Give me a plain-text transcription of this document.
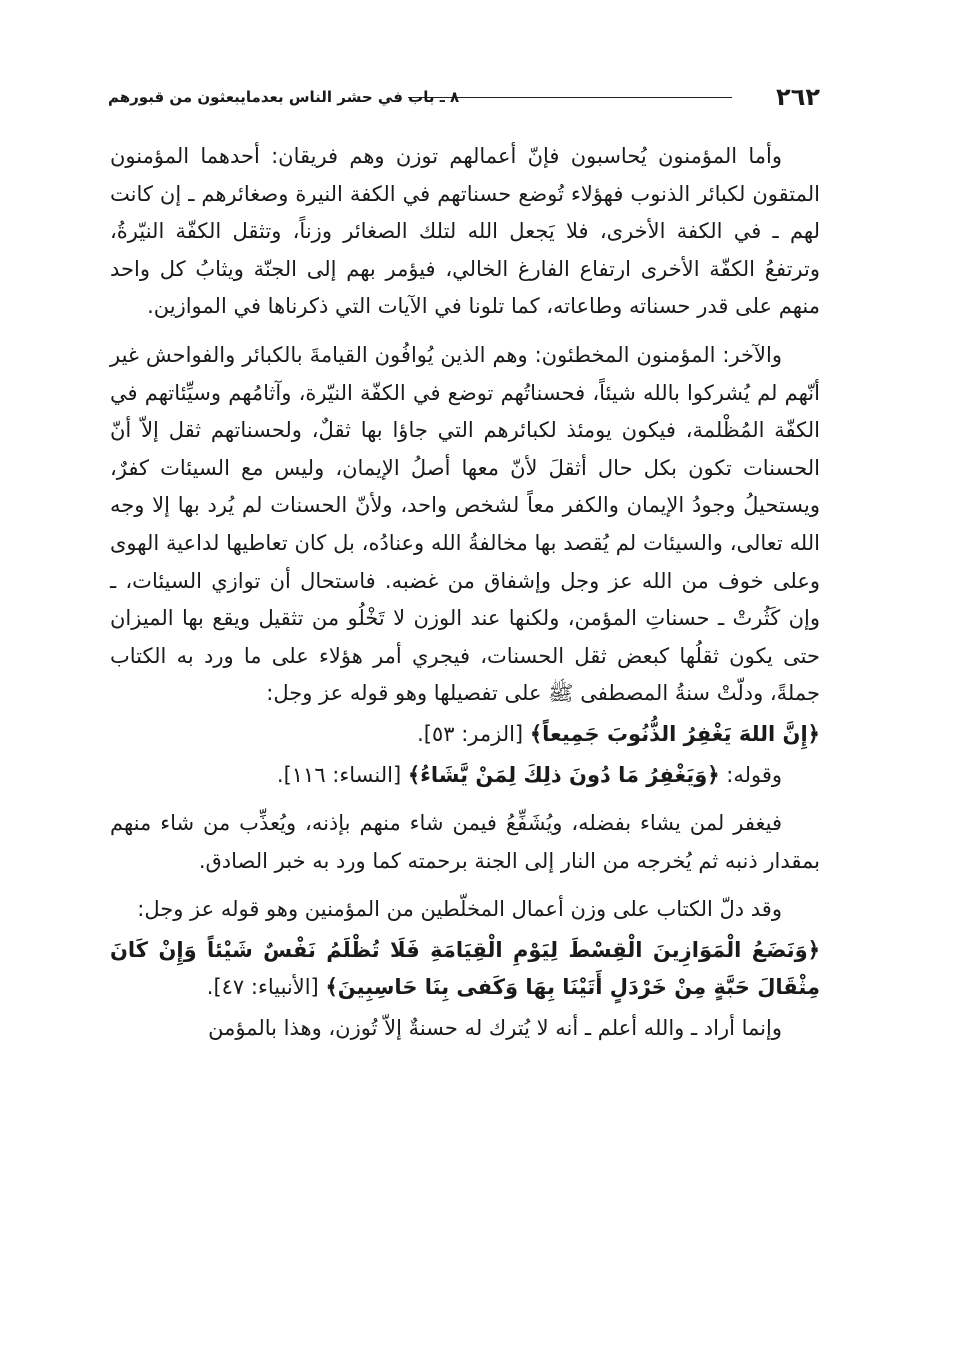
٢٦٢
٨ ـ باب في حشر الناس بعدمايبعثون من قبورهم

وأما المؤمنون يُحاسبون فإنّ أعمالهم توزن وهم فريقان: أحدهما المؤمنون المتقون لكبائر الذنوب فهؤلاء تُوضع حسناتهم في الكفة النيرة وصغائرهم ـ إن كانت لهم ـ في الكفة الأخرى، فلا يَجعل الله لتلك الصغائر وزناً، وتثقل الكفّة النيّرةُ، وترتفعُ الكفّة الأخرى ارتفاع الفارغ الخالي، فيؤمر بهم إلى الجنّة ويثابُ كل واحد منهم على قدر حسناته وطاعاته، كما تلونا في الآيات التي ذكرناها في الموازين.

والآخر: المؤمنون المخطئون: وهم الذين يُوافُون القيامةَ بالكبائر والفواحش غير أنّهم لم يُشركوا بالله شيئاً، فحسناتُهم توضع في الكفّة النيّرة، وآثامُهم وسيِّئاتهم في الكفّة المُظْلمة، فيكون يومئذ لكبائرهم التي جاؤا بها ثقلٌ، ولحسناتهم ثقل إلاّ أنّ الحسنات تكون بكل حال أثقلَ لأنّ معها أصلُ الإيمان، وليس مع السيئات كفرٌ، ويستحيلُ وجودُ الإيمان والكفر معاً لشخص واحد، ولأنّ الحسنات لم يُرد بها إلا وجه الله تعالى، والسيئات لم يُقصد بها مخالفةُ الله وعنادُه، بل كان تعاطيها لداعية الهوى وعلى خوف من الله عز وجل وإشفاق من غضبه. فاستحال أن توازي السيئات، ـ وإن كَثُرتْ ـ حسناتِ المؤمن، ولكنها عند الوزن لا تَخْلُو من تثقيل ويقع بها الميزان حتى يكون ثقلُها كبعض ثقل الحسنات، فيجري أمر هؤلاء على ما ورد به الكتاب جملةً، ودلّتْ سنةُ المصطفى ﷺ على تفصيلها وهو قوله عز وجل:

﴿إِنَّ اللهَ يَغْفِرُ الذُّنُوبَ جَمِيعاً﴾ [الزمر: ٥٣].

وقوله: ﴿وَيَغْفِرُ مَا دُونَ ذلِكَ لِمَنْ يَّشَاءُ﴾ [النساء: ١١٦].

فيغفر لمن يشاء بفضله، ويُشَفِّعُ فيمن شاء منهم بإذنه، ويُعذِّب من شاء منهم بمقدار ذنبه ثم يُخرجه من النار إلى الجنة برحمته كما ورد به خبر الصادق.

وقد دلّ الكتاب على وزن أعمال المخلّطين من المؤمنين وهو قوله عز وجل:

﴿وَنَضَعُ الْمَوَازِينَ الْقِسْطَ لِيَوْمِ الْقِيَامَةِ فَلَا تُظْلَمُ نَفْسٌ شَيْئاً وَإِنْ كَانَ مِثْقَالَ حَبَّةٍ مِنْ خَرْدَلٍ أَتَيْنَا بِهَا وَكَفى بِنَا حَاسِبِينَ﴾ [الأنبياء: ٤٧].

وإنما أراد ـ والله أعلم ـ أنه لا يُترك له حسنةٌ إلاّ تُوزن، وهذا بالمؤمن
